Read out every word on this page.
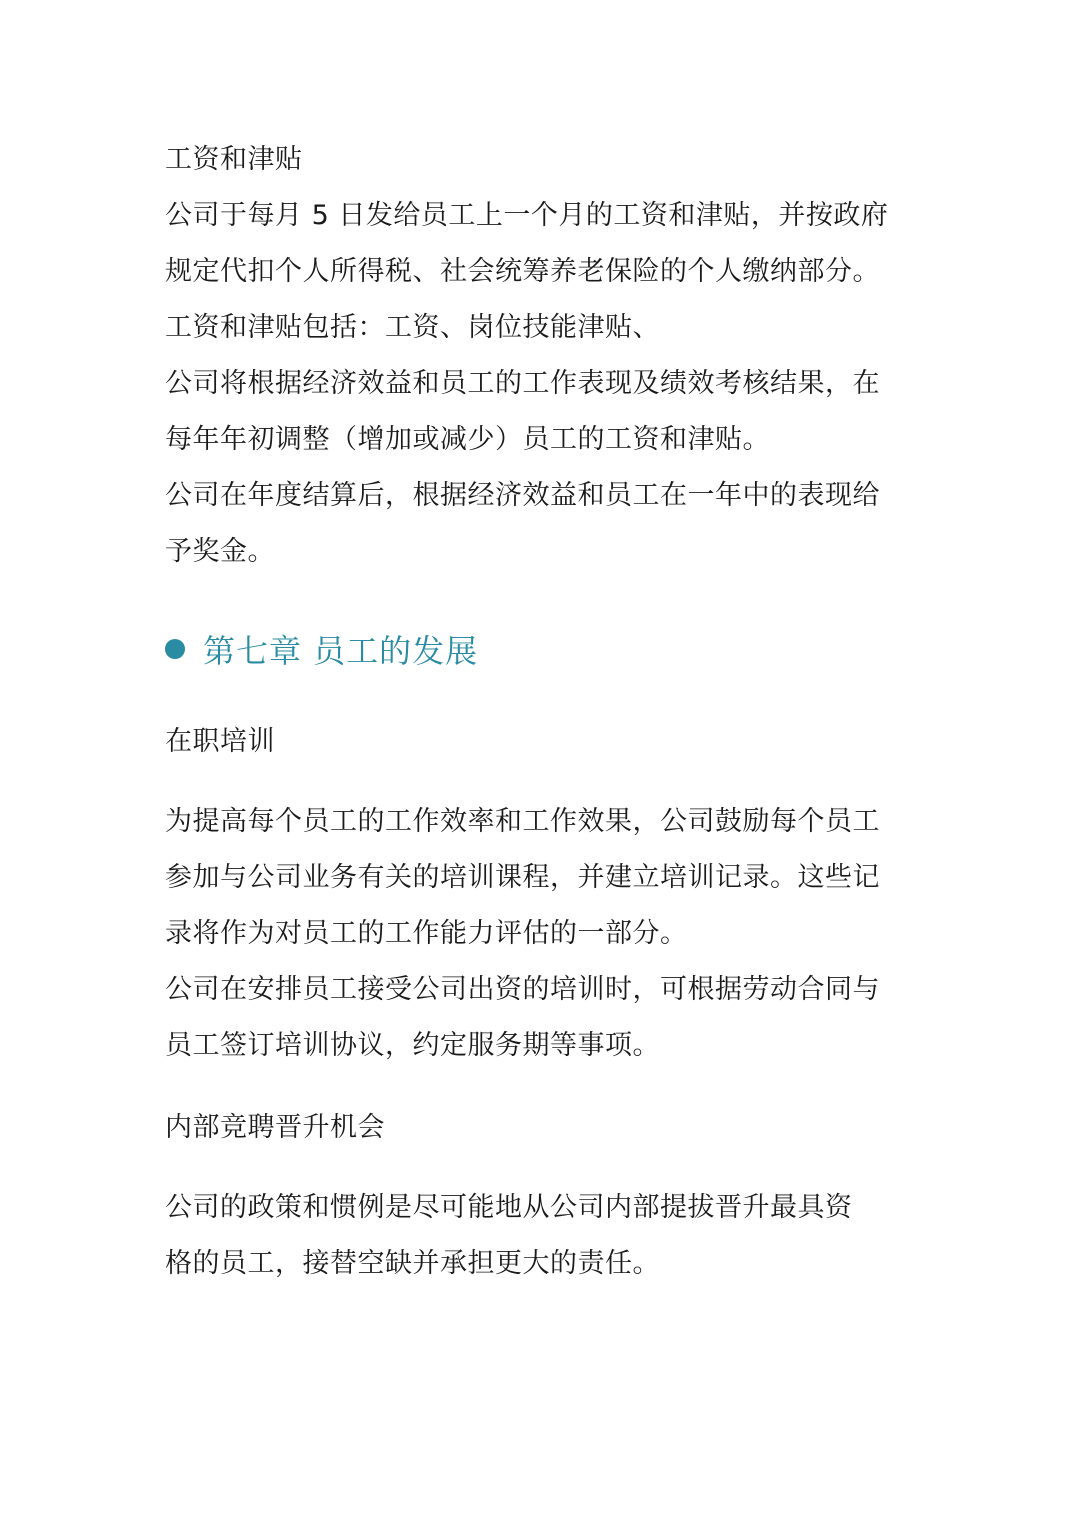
工资和津贴
公司于每月 5 日发给员工上一个月的工资和津贴，并按政府
规定代扣个人所得税、社会统筹养老保险的个人缴纳部分。
工资和津贴包括：工资、岗位技能津贴、
公司将根据经济效益和员工的工作表现及绩效考核结果，在
每年年初调整（增加或减少）员工的工资和津贴。
公司在年度结算后，根据经济效益和员工在一年中的表现给
予奖金。
第七章 员工的发展
在职培训
为提高每个员工的工作效率和工作效果，公司鼓励每个员工
参加与公司业务有关的培训课程，并建立培训记录。这些记
录将作为对员工的工作能力评估的一部分。
公司在安排员工接受公司出资的培训时，可根据劳动合同与
员工签订培训协议，约定服务期等事项。
内部竞聘晋升机会
公司的政策和惯例是尽可能地从公司内部提拔晋升最具资
格的员工，接替空缺并承担更大的责任。
